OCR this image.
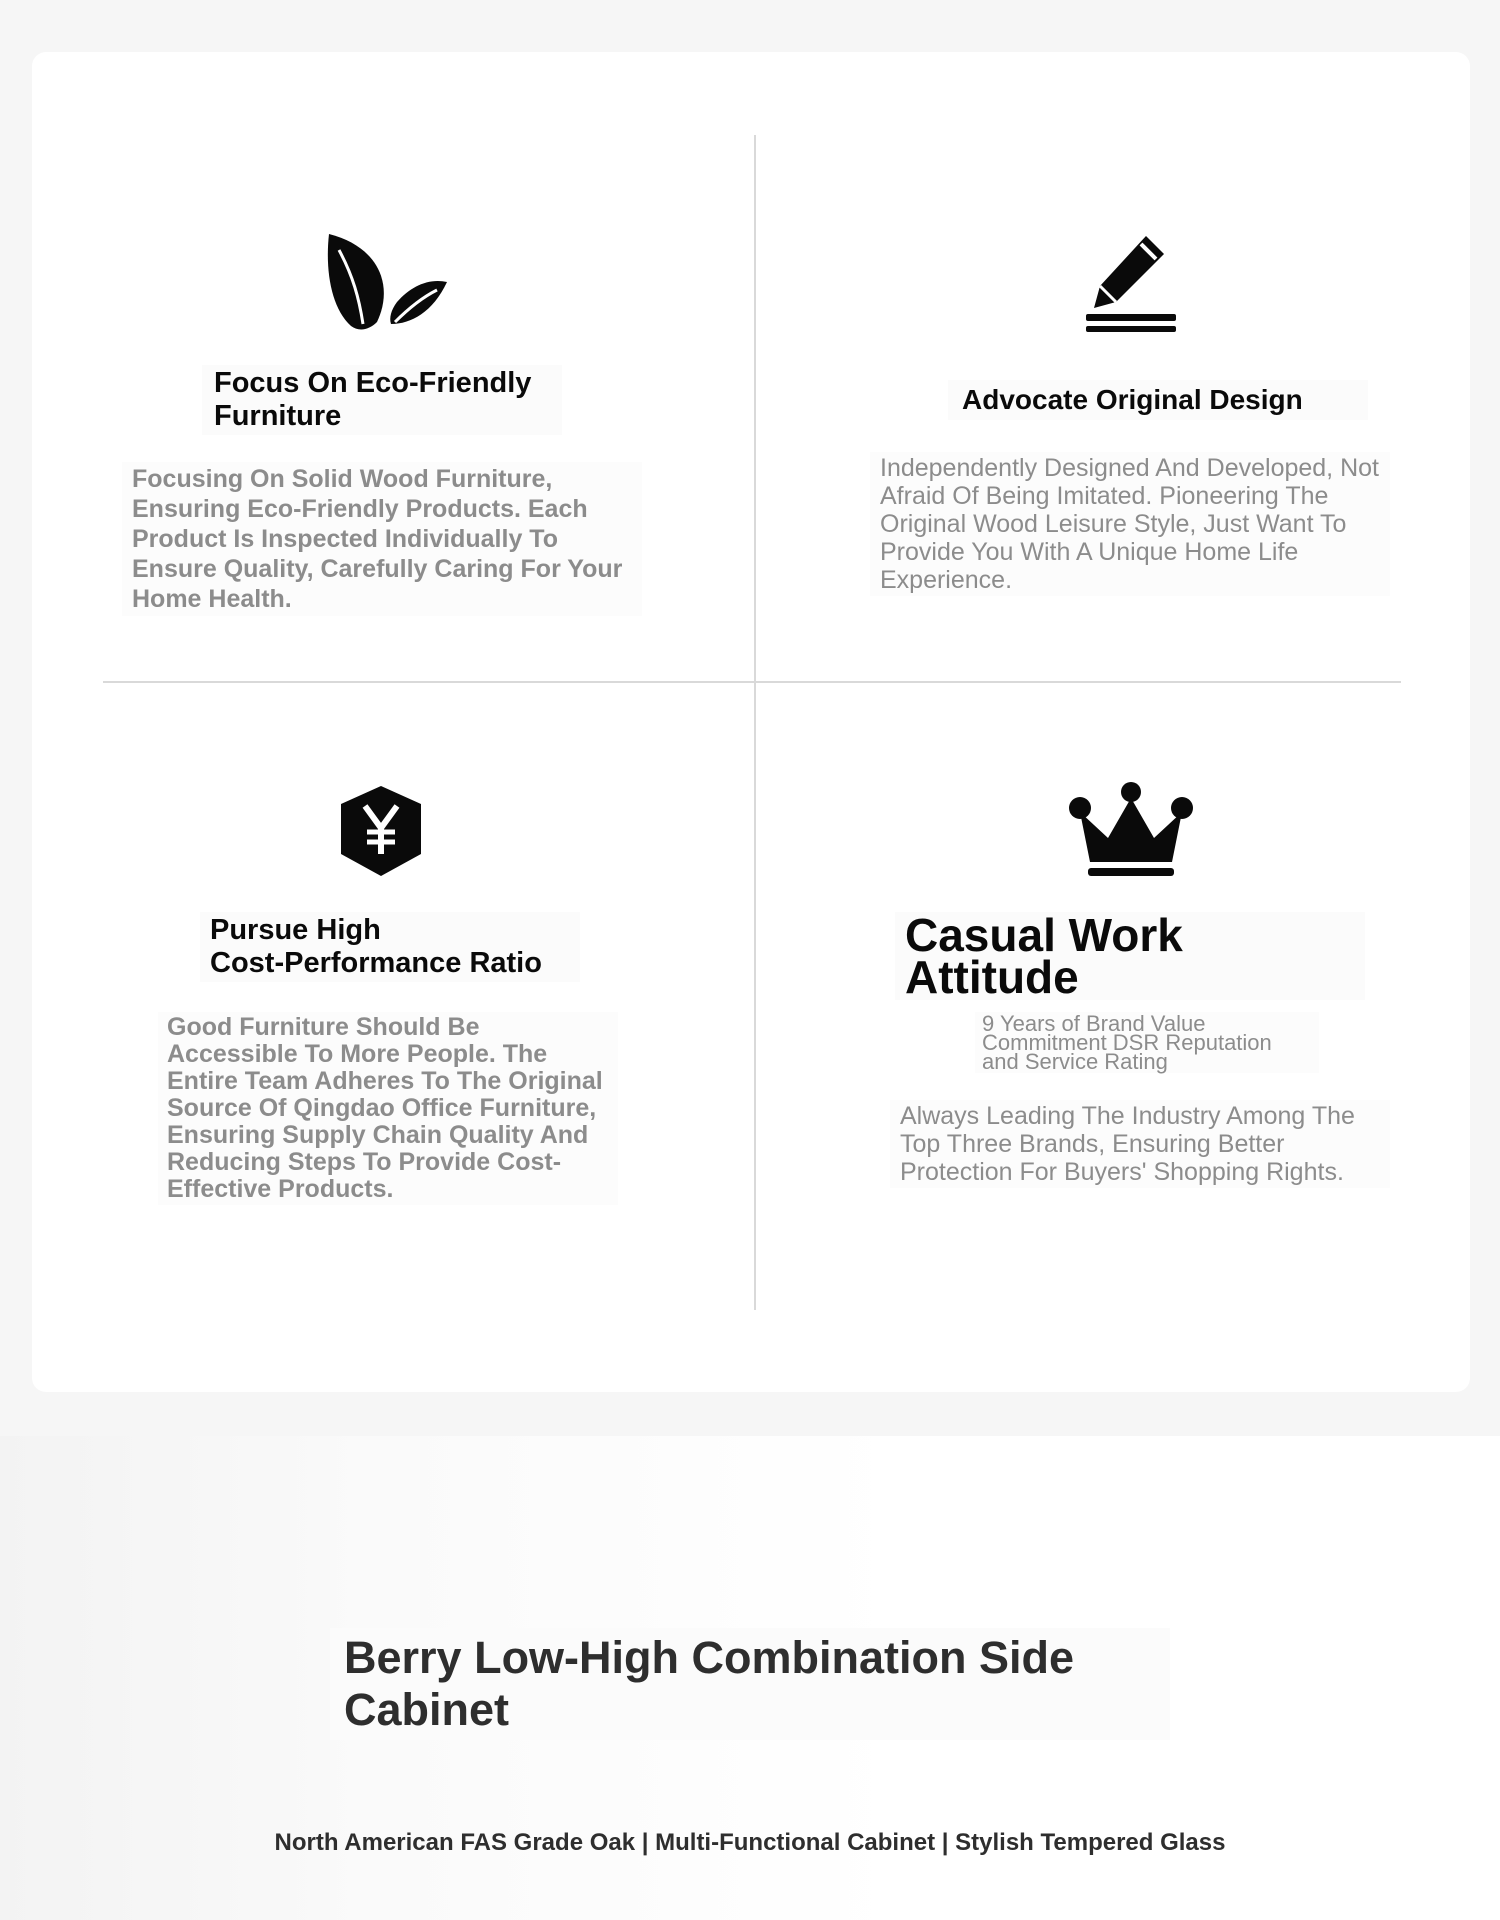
Focus On Eco-Friendly
Furniture

Focusing On Solid Wood Furniture, Ensuring Eco-Friendly Products. Each Product Is Inspected Individually To Ensure Quality, Carefully Caring For Your Home Health.

Advocate Original Design

Independently Designed And Developed, Not Afraid Of Being Imitated. Pioneering The Original Wood Leisure Style, Just Want To Provide You With A Unique Home Life Experience.

Pursue High
Cost-Performance Ratio

Good Furniture Should Be Accessible To More People. The Entire Team Adheres To The Original Source Of Qingdao Office Furniture, Ensuring Supply Chain Quality And Reducing Steps To Provide Cost-Effective Products.

Casual Work
Attitude

9 Years of Brand Value Commitment DSR Reputation and Service Rating

Always Leading The Industry Among The Top Three Brands, Ensuring Better Protection For Buyers' Shopping Rights.

Berry Low-High Combination Side Cabinet

North American FAS Grade Oak | Multi-Functional Cabinet | Stylish Tempered Glass
